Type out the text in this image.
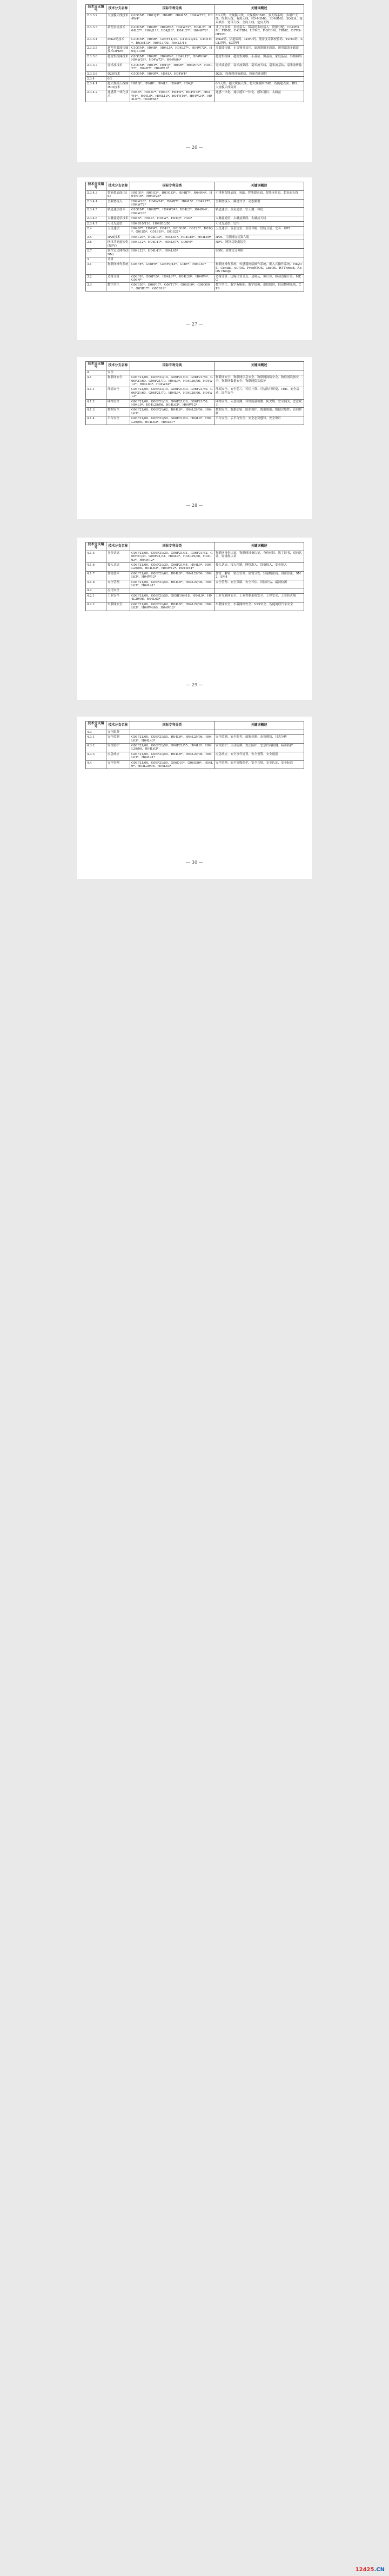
技术分支编号	技术分支名称	国际专利分类	关键词概述
2.3.3.2	大规模天线技术	G1O1M*、H01Q3*、H04B*、H04L5*、H04W72*、H04W4*	5G天线、大规模天线、大规模MIMO、多天线系统、多用户天线、终端天线、有源天线、FD-MIMO、3DMIMO、3D波束、波束赋形、宽带天线、全向天线、定向天线
2.3.3.3	新型多址技术	G1O1M*、H04B*、H04W4*、H04W72*、H04L5*、H04L27*、H04J11*、H04J13*、H04L27*、H04W72*	非正交多址、多址接入、稀疏码多址接入、资源分配、CP-OFDM、FBMC、F-OFDM、UFMC、F-OFDM、FBMC、DFT-S-OFDM
2.3.3.4	Polar码技术	G1O1M*、H04B*、G06F11/10、G11C29/42、G1O1M*、H03M13*、H04L1/00、H04L1/18	Polar码、信道编码、LDPC码、低密度奇偶校验码、Turbo码、SCL译码、SC译码
2.3.3.5	新型多载波传输技术OFDM	G1O1M*、H04B*、H04L5*、H04L27*、H04W72*、H04J11/00	多载波传输、正交频分复用、滤波器组多载波、通用滤波多载波
2.3.3.6	超密集组网技术	G1O1M*、H04B*、H04W4*、H04L12*、H04W16*、H04W24*、H04W72*、H04W84*	超密集组网、超密集网络、小基站、微基站、家庭基站、异构网络
2.3.3.7	毫米波技术	G1O1M*、H01P*、H01Q*、H04B*、H04W72*、H04L27*、H04B7*、H04W16*	毫米波通信、毫米波频段、毫米波天线、毫米波基站、毫米波传输
2.3.3.8	D2D技术	G1O1M*、H04W*、H04L*、H04W4*	D2D、设备到设备通信、设备直连通信
2.3.4	6G		
2.3.4.1	超大规模天线MIMO技术	H01Q*、H04B*、H04L*、H04W*、H04J*	6G天线、超大规模天线、超大规模MIMO、智能超表面、RIS、大规模天线阵列
2.3.4.2	通感算一体化技术	H04B*、H04B7*、H04L*、H04W*、H04W72*、H04W4*、H04L5*、H04L12*、H04W16*、H04W24*、H04L67*、H04W84*	通感一体化、通信感知一体化、感知通信、太赫兹
— 26 —
技术分支编号	技术分支名称	国际专利分类	关键词概述
2.3.4.3	智能超表面(RIS)	H01Q1*、H01Q3*、H01Q15*、H04B7*、H04W4*、H04W16*、H04W24*	可重构智能表面、RIS、智能超表面、智能反射面、超表面天线
2.3.4.4	全频谱接入	H04W16*、H04W24*、H04B7*、H04L5*、H04L27*、H04W72*	全频谱接入、频谱共享、动态频谱
2.3.4.5	轨道通信技术	G1O1M*、H04B7*、H04W84*、H04L5*、H04W4*、H04W16*	轨道通信、卫星通信、空天地一体化
2.3.4.6	太赫兹通信技术	H04B*、H04L*、H04W*、H01Q*、H03*	太赫兹通信、太赫兹频段、太赫兹天线
2.3.4.7	可见光通信	H04B10/116、H04B10/50	可见光通信、LiFi
2.4	卫星通信	H04B7*、H04W*、H04L*、G01S19*、G01S5*、H01Q*、G01S5*、G01S19*、G01S21*	卫星通信、卫星定位、卫星导航、低轨卫星、北斗、GPS
2.5	IPv6技术	H04L29*、H04L12*、H04L61*、H04L45*、H04L69*	IPv6、互联网协议第六版
2.6	网络功能虚拟化(NFV)	H04L12*、H04L41*、H04L67*、G06F9*	NFV、网络功能虚拟化
2.7	软件定义网络(SDN)	H04L12*、H04L41*、H04L45*	SDN、软件定义网络
3	计算		
3.1	物联网操作系统	G06F8*、G06F9*、G06F9/44*、G16Y*、H04L67*	物联网操作系统、传感器网络操作系统、嵌入式操作系统、TinyOS、Contiki、uC/OS、FreeRTOS、LiteOS、RT-Thread、AliOS Things
3.2	边缘计算	G06F9*、G06F15*、H04L67*、H04L29*、H04W4*、G06N*	边缘计算、边缘计算节点、边缘云、雾计算、移动边缘计算、MEC
3.3	数字孪生	G06F30*、G06F17*、G06T17*、G06Q10*、G06Q50*、G05B17*、G05B19*	数字孪生、数字双胞胎、数字镜像、虚拟映射、信息物理系统、CPS
— 27 —
技术分支编号	技术分支名称	国际专利分类	关键词概述
4	安全		
4.1	物联网安全	G06F21/00、G06F21/10、G06F21/30、G06F21/50、G06F21/60、G06F21/70、H04L9*、H04L29/06、H04W12*、H04L63*、H04W84*	物联网安全、物联网信息安全、物联网网络安全、物联网设备安全、物联网数据安全、物联网隐私保护
4.1.1	终端安全	G06F21/00、G06F21/10、G06F21/30、G06F21/50、G06F21/60、G06F21/70、H04L9*、H04L29/06、H04W12*	终端安全、安全芯片、可信计算、可信执行环境、TEE、安全启动、固件安全
4.1.2	网络安全	G06F21/00、G06F21/10、G06F21/30、G06F21/50、H04L9*、H04L29/06、H04L63*、H04W12*	网络安全、入侵检测、异常流量检测、防火墙、安全网关、恶意攻击
4.1.3	数据安全	G06F21/60、G06F21/62、H04L9*、H04L29/06、H04L63*	数据安全、数据加密、隐私保护、数据脱敏、数据完整性、访问控制
4.1.4	平台安全	G06F21/00、G06F21/50、G06F21/60、H04L9*、H04L29/06、H04L63*、H04L67*	平台安全、云平台安全、安全态势感知、安全审计
— 28 —
技术分支编号	技术分支名称	国际专利分类	关键词概述
4.1.5	身份认证	G06F21/00、G06F21/30、G06F21/31、G06F21/32、G06F21/33、G06F21/34、H04L9*、H04L29/06、H04L63*、H04W12*	物联网身份认证、物联网设备认证、身份标识、数字证书、双向认证、轻量级认证
4.1.6	接入认证	G06F21/00、G06F21/30、G06F21/44、H04L9*、H04L29/06、H04L63*、H04W12*、H04W84*	接入认证、接入控制、网络准入、设备接入、安全接入
4.1.7	加密技术	G06F21/60、G06F21/62、H04L9*、H04L29/06、H04L63*、H04W12*	加密、解密、密钥管理、密钥分发、轻量级密码、国密算法、SM2、SM4
4.1.8	安全管理	G06F21/00、G06F21/50、H04L9*、H04L29/06、H04L63*、H04L41*	安全管理、安全策略、安全评估、风险评估、漏洞检测
4.2	应用安全		
4.2.1	工业安全	G06F21/00、G06F21/50、G05B19/418、H04L9*、H04L29/06、H04L63*	工业互联网安全、工业控制系统安全、工控安全、工业防火墙
4.2.2	车联网安全	G06F21/00、G06F21/60、H04L9*、H04L29/06、H04L63*、H04W4/40、H04W12*	车联网安全、车载网络安全、V2X安全、智能网联汽车安全
— 29 —
技术分支编号	技术分支名称	国际专利分类	关键词概述
4.3	安全服务		
4.3.1	安全监测	G06F21/00、G06F21/50、H04L9*、H04L29/06、H04L63*、H04L43*	安全监测、安全监控、威胁检测、态势感知、日志分析
4.3.2	安全防护	G06F21/00、G06F21/50、G06F21/55、H04L9*、H04L29/06、H04L63*	安全防护、主动防御、攻击防护、恶意代码检测、病毒防护
4.3.3	应急响应	G06F21/00、G06F21/50、H04L9*、H04L29/06、H04L63*、H04L41*	应急响应、安全事件处置、安全预警、安全通报
4.4	安全管理	G06F21/00、G06F21/50、G06Q10*、G06Q50*、H04L9*、H04L29/06、H04L63*	安全管理、安全等级保护、安全合规、安全认证、安全标准
— 30 —
12425.CN
